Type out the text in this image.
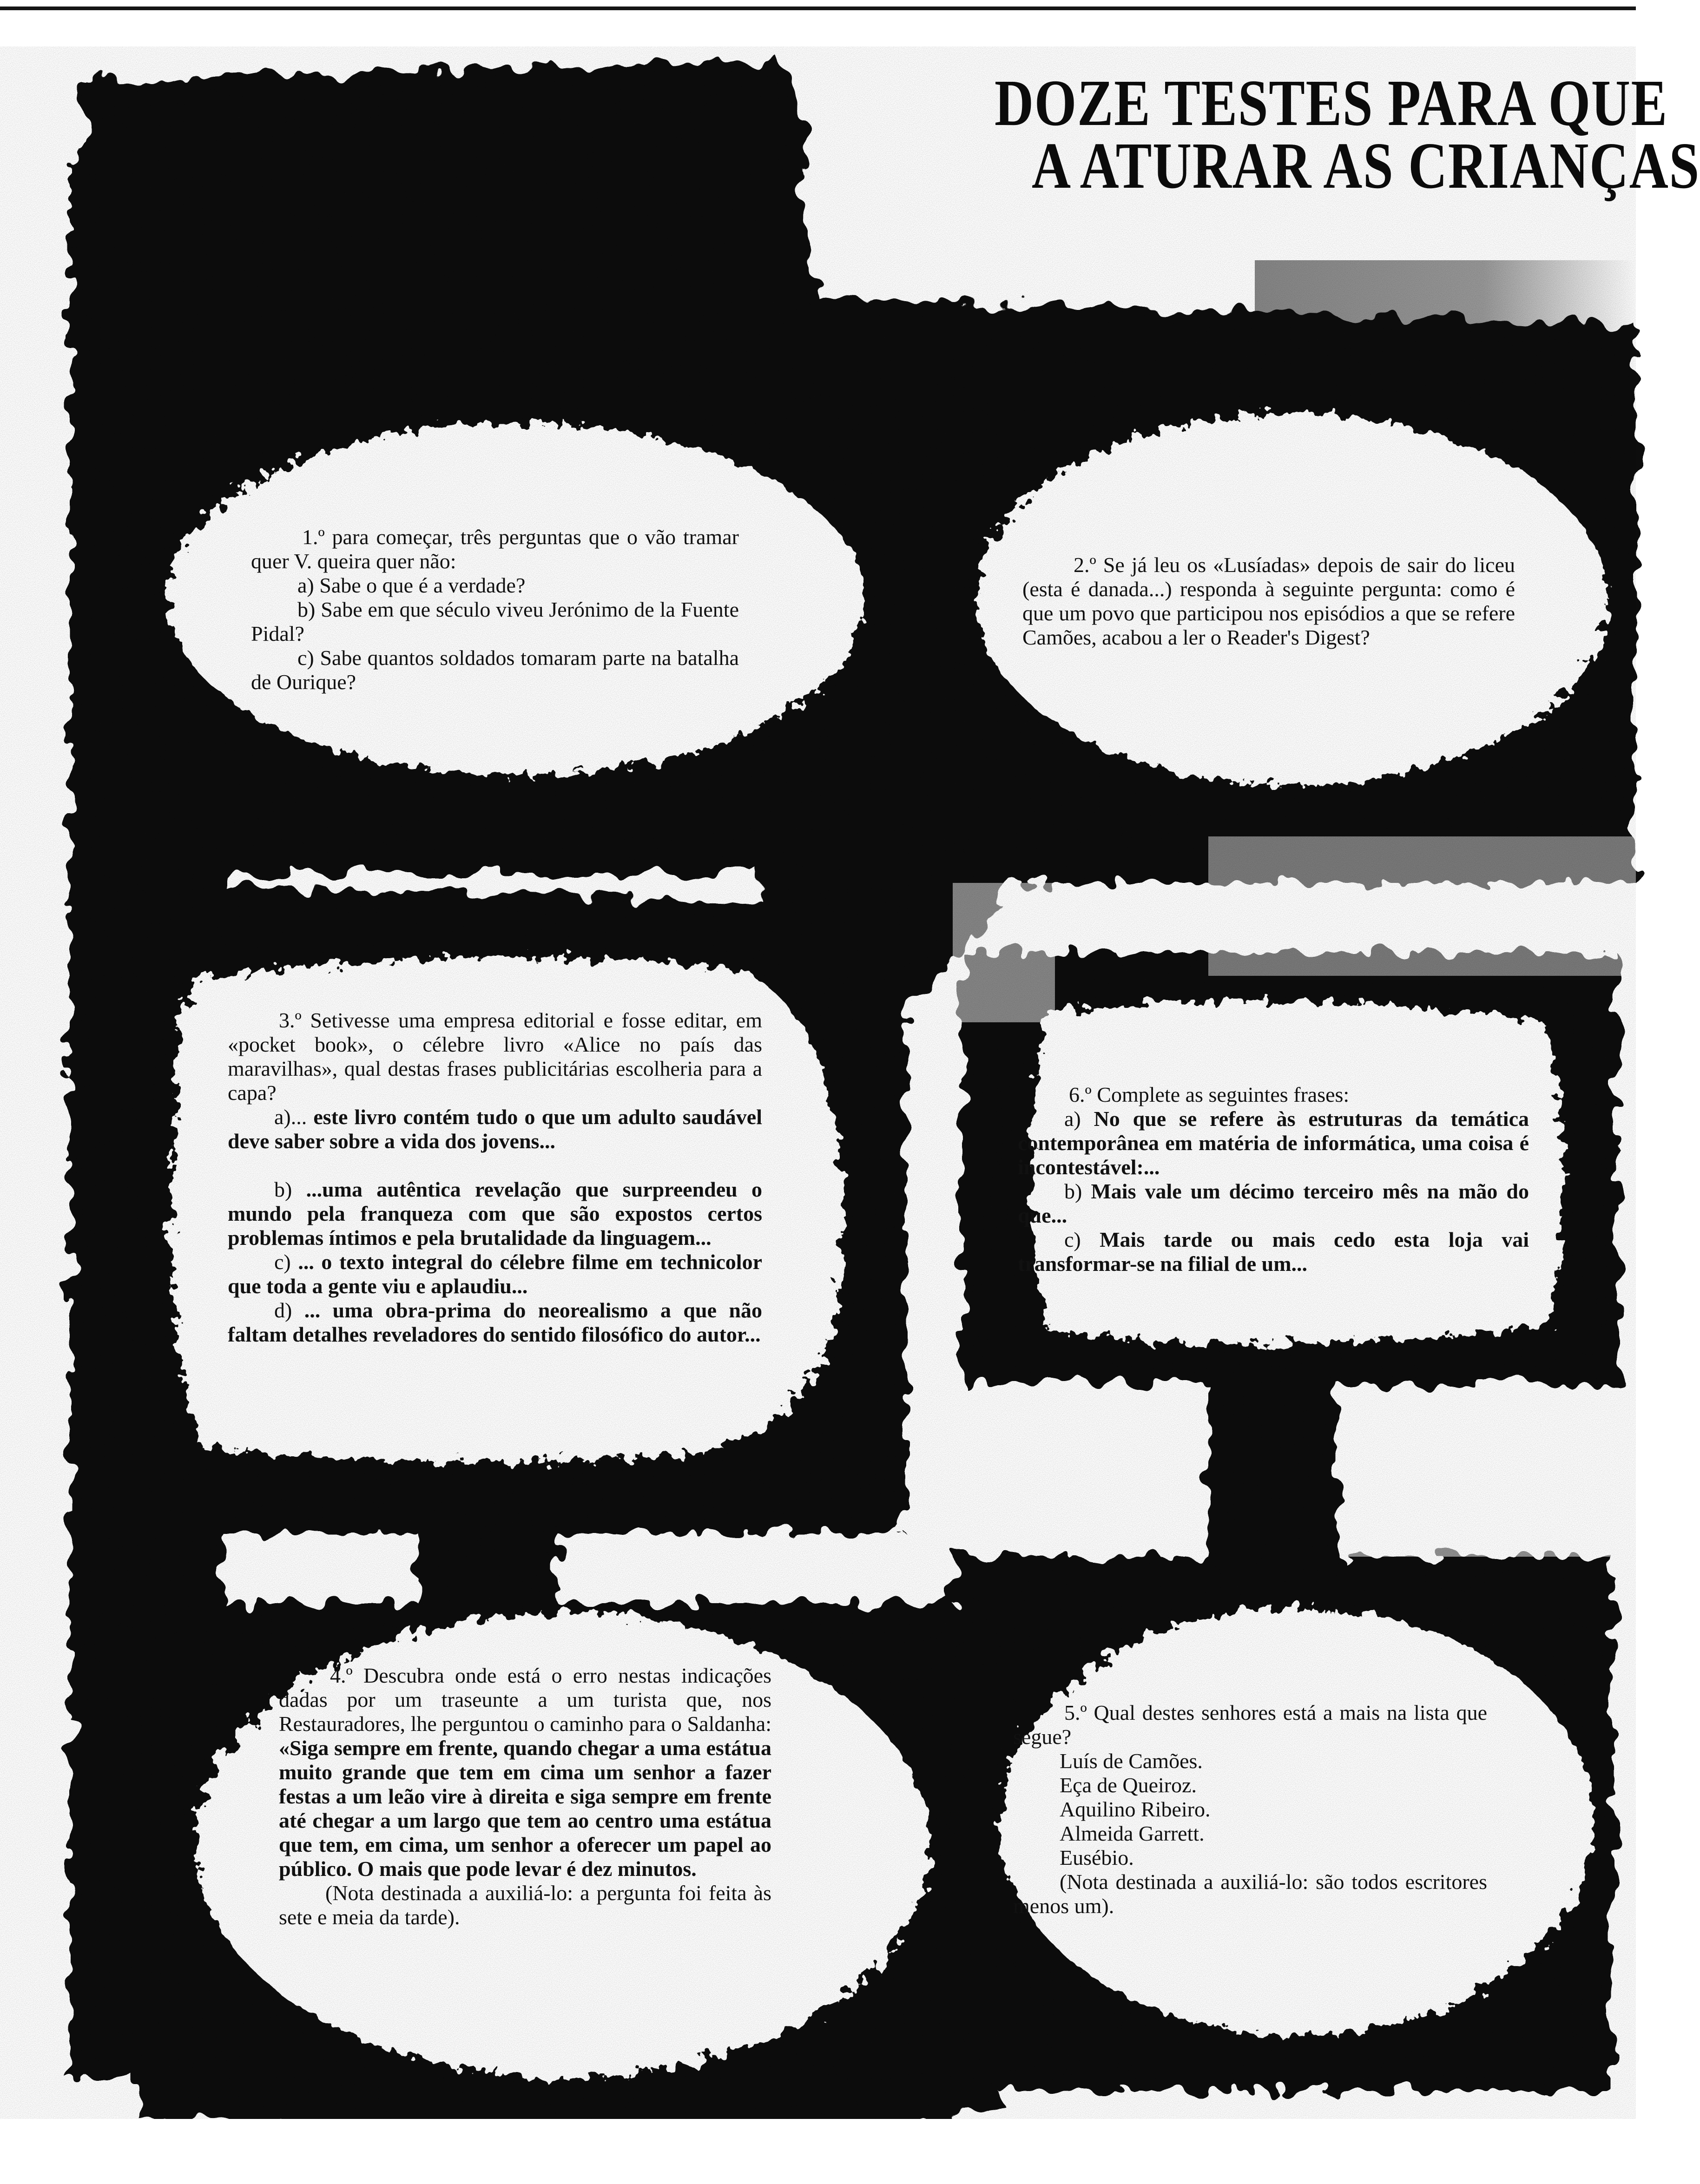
DOZE TESTES PARA QUE
A ATURAR AS CRIANÇAS

1.º para começar, três perguntas que o vão tramar quer V. queira quer não:

a) Sabe o que é a verdade?

b) Sabe em que século viveu Jerónimo de la Fuente Pidal?

c) Sabe quantos soldados tomaram parte na batalha de Ourique?

2.º Se já leu os «Lusíadas» depois de sair do liceu (esta é danada...) responda à seguinte pergunta: como é que um povo que participou nos episódios a que se refere Camões, acabou a ler o Reader's Digest?

3.º Setivesse uma empresa editorial e fosse editar, em «pocket book», o célebre livro «Alice no país das maravilhas», qual destas frases publicitárias escolheria para a capa?

a)... este livro contém tudo o que um adulto saudável deve saber sobre a vida dos jovens...

b) ...uma autêntica revelação que surpreendeu o mundo pela franqueza com que são expostos certos problemas íntimos e pela brutalidade da linguagem...

c) ... o texto integral do célebre filme em technicolor que toda a gente viu e aplaudiu...

d) ... uma obra-prima do neorealismo a que não faltam detalhes reveladores do sentido filosófico do autor...

6.º Complete as seguintes frases:

a) No que se refere às estruturas da temática contemporânea em matéria de informática, uma coisa é incontestável:...

b) Mais vale um décimo terceiro mês na mão do que...

c) Mais tarde ou mais cedo esta loja vai transformar-se na filial de um...

4.º Descubra onde está o erro nestas indicações dadas por um traseunte a um turista que, nos Restauradores, lhe perguntou o caminho para o Saldanha: «Siga sempre em frente, quando chegar a uma estátua muito grande que tem em cima um senhor a fazer festas a um leão vire à direita e siga sempre em frente até chegar a um largo que tem ao centro uma estátua que tem, em cima, um senhor a oferecer um papel ao público. O mais que pode levar é dez minutos.

(Nota destinada a auxiliá-lo: a pergunta foi feita às sete e meia da tarde).

5.º Qual destes senhores está a mais na lista que segue?

Luís de Camões.

Eça de Queiroz.

Aquilino Ribeiro.

Almeida Garrett.

Eusébio.

(Nota destinada a auxiliá-lo: são todos escritores menos um).
